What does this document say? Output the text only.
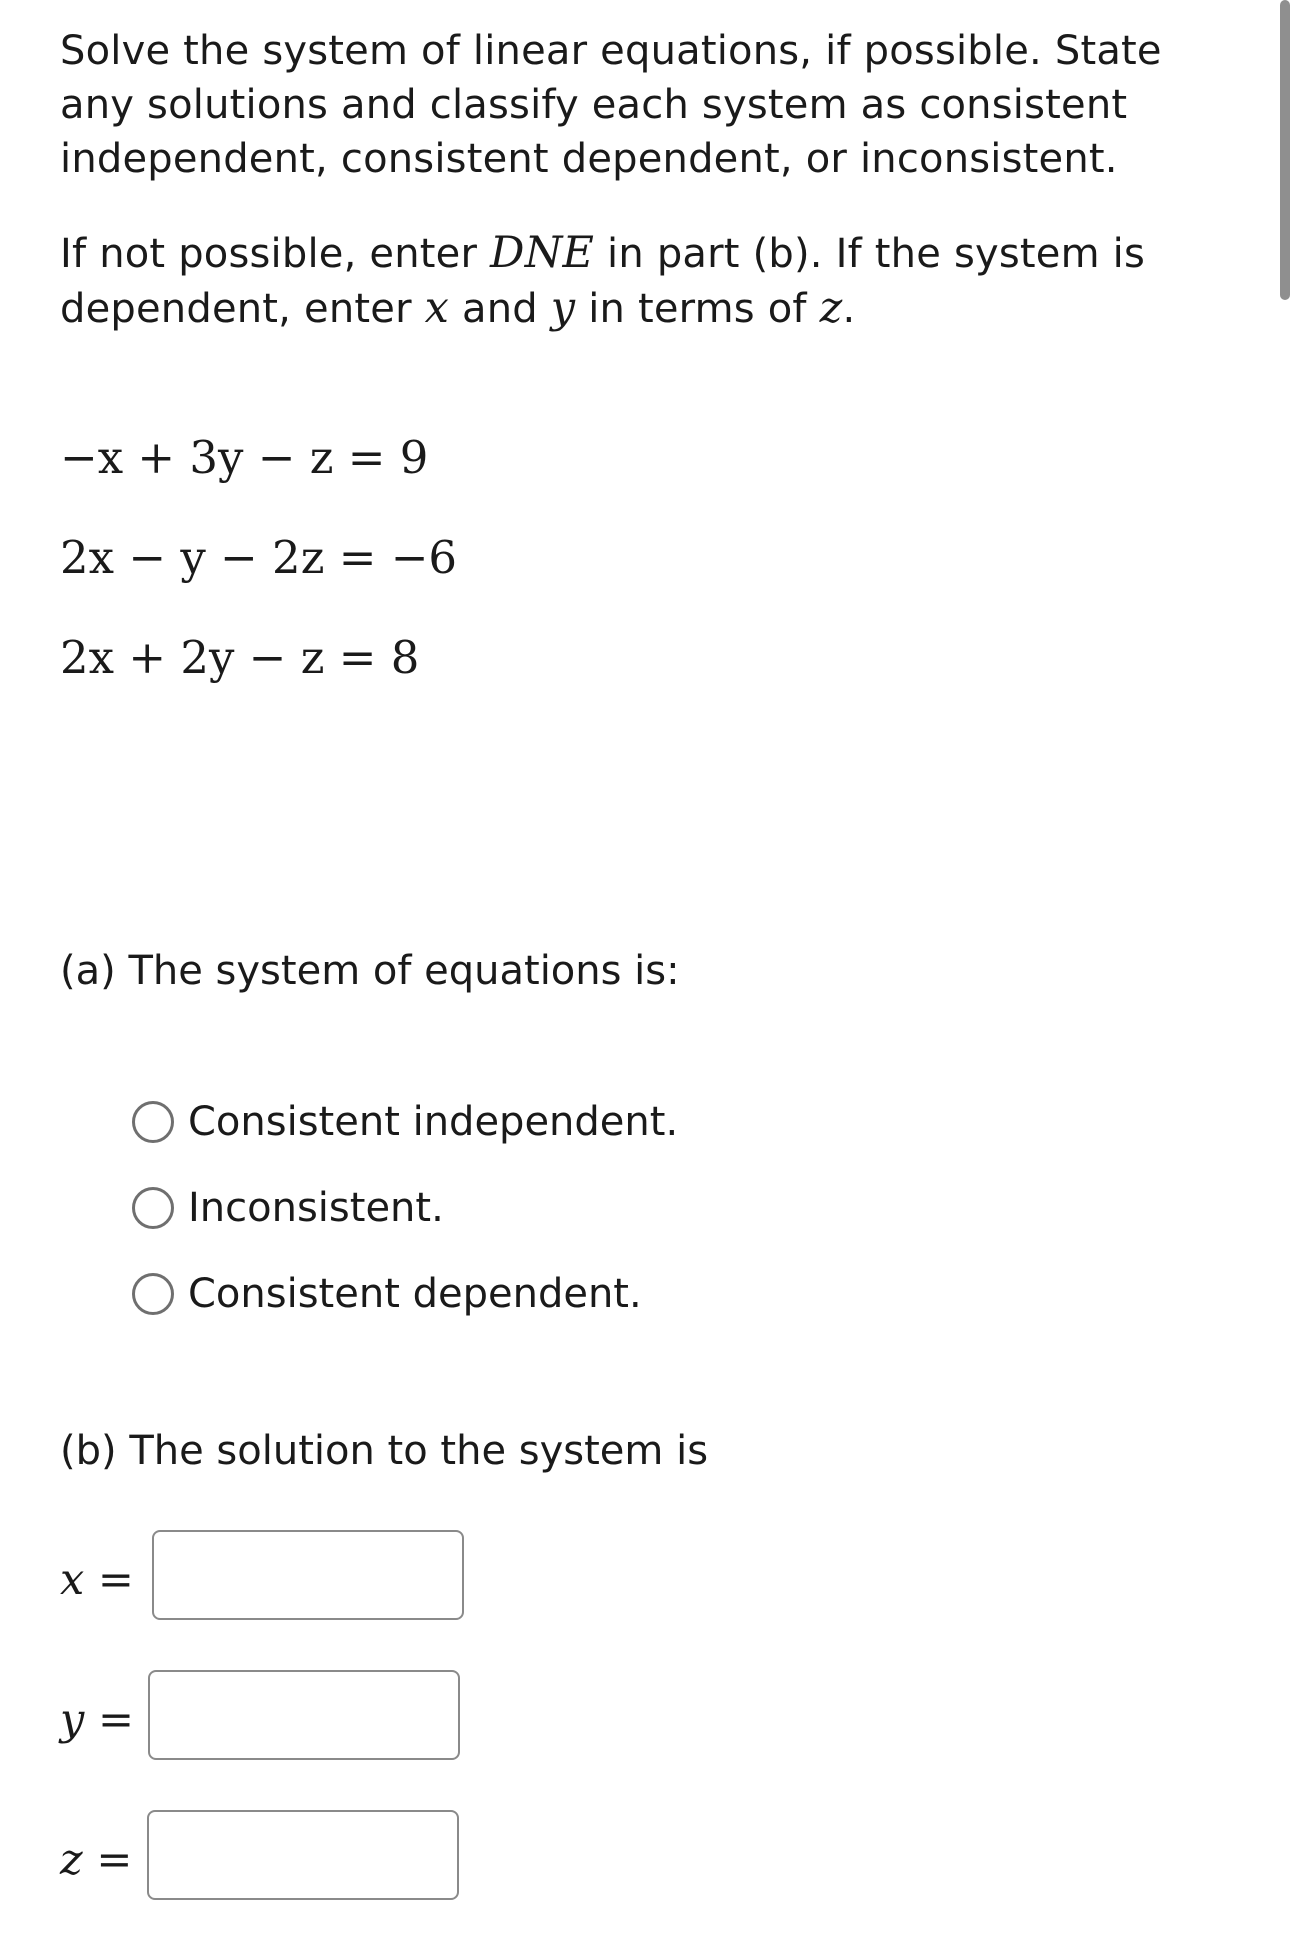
Solve the system of linear equations, if possible. State any solutions and classify each system as consistent independent, consistent dependent, or inconsistent.
If not possible, enter DNE in part (b). If the system is dependent, enter x and y in terms of z.
−x + 3y − z = 9
2x − y − 2z = −6
2x + 2y − z = 8
(a) The system of equations is:
Consistent independent.
Inconsistent.
Consistent dependent.
(b) The solution to the system is
x =
y =
z =
